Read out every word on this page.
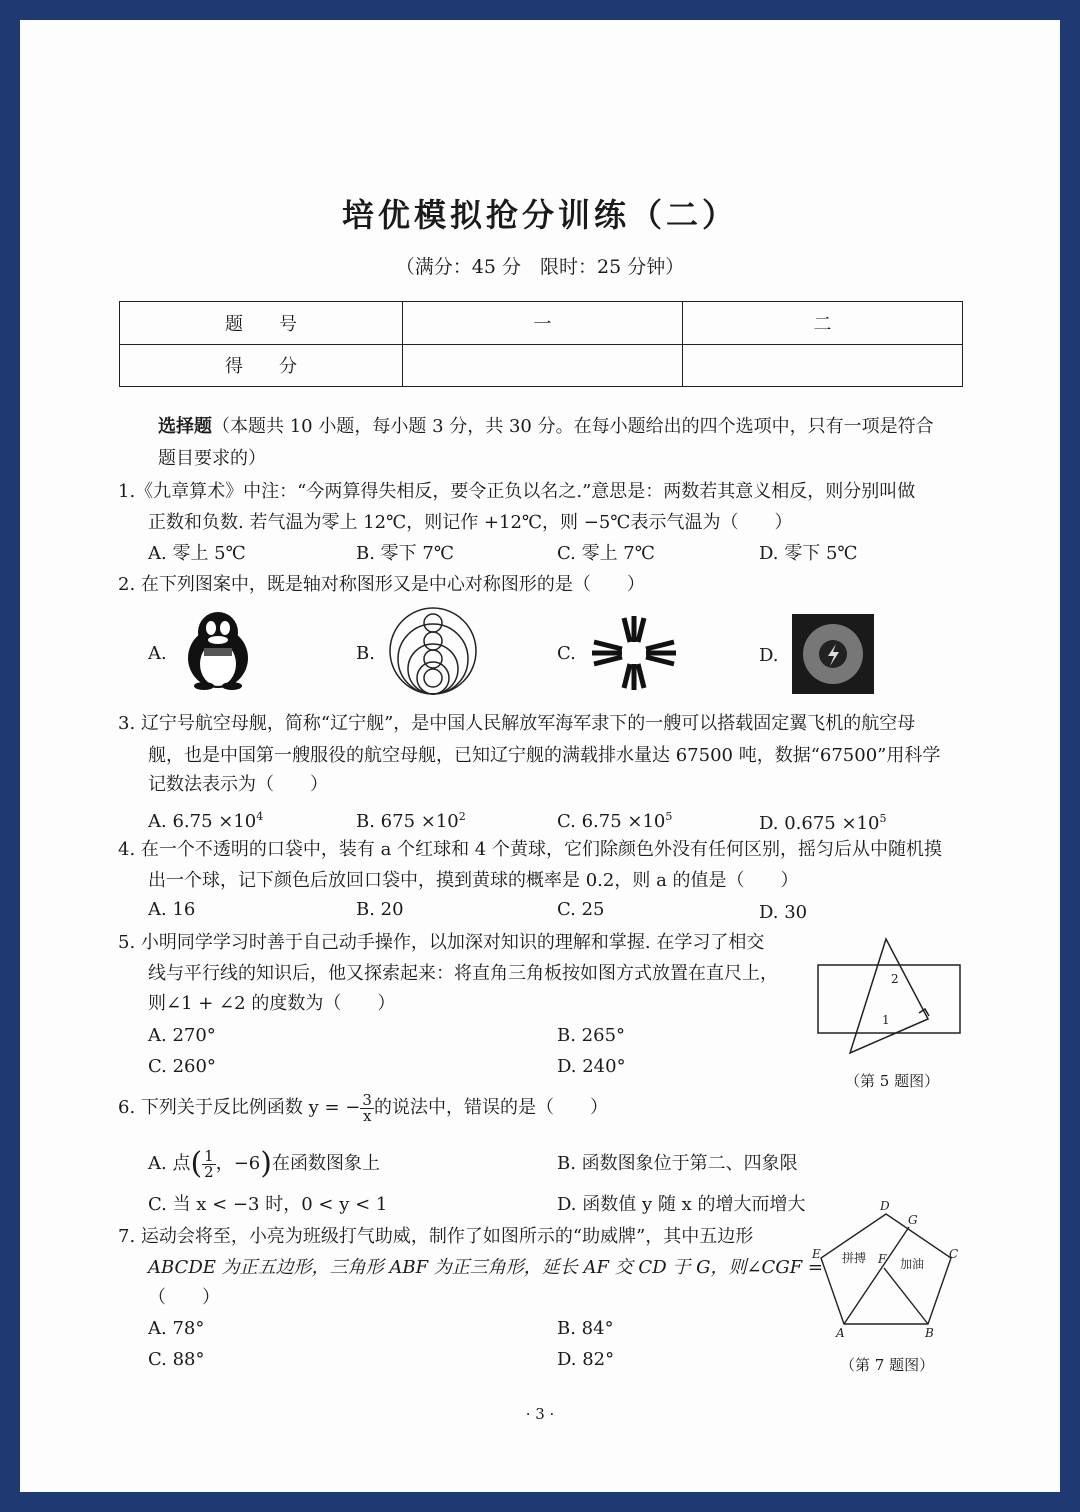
培优模拟抢分训练（二）
（满分：45 分　限时：25 分钟）
题　　号	一	二
得　　分		
选择题（本题共 10 小题，每小题 3 分，共 30 分。在每小题给出的四个选项中，只有一项是符合
题目要求的）
1.《九章算术》中注：“今两算得失相反，要令正负以名之.”意思是：两数若其意义相反，则分别叫做
正数和负数. 若气温为零上 12℃，则记作 +12℃，则 −5℃表示气温为（　　）
A. 零上 5℃	B. 零下 7℃	C. 零上 7℃	D. 零下 5℃
2. 在下列图案中，既是轴对称图形又是中心对称图形的是（　　）
A.	B.	C.	D.
3. 辽宁号航空母舰，简称“辽宁舰”，是中国人民解放军海军隶下的一艘可以搭载固定翼飞机的航空母
舰，也是中国第一艘服役的航空母舰，已知辽宁舰的满载排水量达 67500 吨，数据“67500”用科学
记数法表示为（　　）
A. $6.75 \times 10^4$	B. $675 \times 10^2$	C. $6.75 \times 10^5$	D. $0.675 \times 10^5$
4. 在一个不透明的口袋中，装有 a 个红球和 4 个黄球，它们除颜色外没有任何区别，摇匀后从中随机摸
出一个球，记下颜色后放回口袋中，摸到黄球的概率是 0.2，则 a 的值是（　　）
A. 16	B. 20	C. 25	D. 30
5. 小明同学学习时善于自己动手操作，以加深对知识的理解和掌握. 在学习了相交
线与平行线的知识后，他又探索起来：将直角三角板按如图方式放置在直尺上，
则∠1 + ∠2 的度数为（　　）
A. 270°	B. 265°
C. 260°	D. 240°
2
1
（第 5 题图）
6. 下列关于反比例函数 y = − $\frac{3}{x}$ 的说法中，错误的是（　　）
A. 点( $\frac{1}{2}$ ，−6)在函数图象上	B. 函数图象位于第二、四象限
C. 当 x < −3 时，0 < y < 1	D. 函数值 y 随 x 的增大而增大
7. 运动会将至，小亮为班级打气助威，制作了如图所示的“助威牌”，其中五边形
ABCDE 为正五边形，三角形 ABF 为正三角形，延长 AF 交 CD 于 G，则∠CGF =
（　　）
A. 78°	B. 84°
C. 88°	D. 82°
D
G
C
E	F
A	B
拼搏	加油
（第 7 题图）
· 3 ·
